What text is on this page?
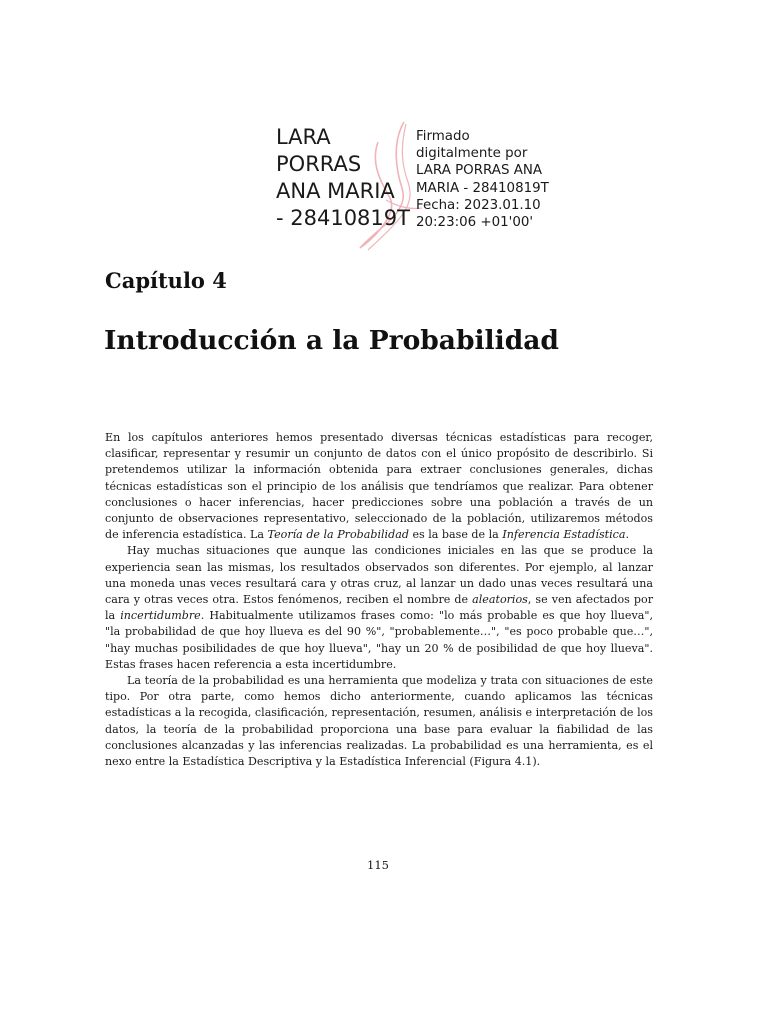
LARA
PORRAS
ANA MARIA
- 28410819T
Firmado
digitalmente por
LARA PORRAS ANA
MARIA - 28410819T
Fecha: 2023.01.10
20:23:06 +01'00'
Capítulo 4
Introducción a la Probabilidad

En los capítulos anteriores hemos presentado diversas técnicas estadísticas para recoger, clasificar, representar y resumir un conjunto de datos con el único propósito de describirlo. Si pretendemos utilizar la información obtenida para extraer conclusiones generales, dichas técnicas estadísticas son el principio de los análisis que tendríamos que realizar. Para obtener conclusiones o hacer inferencias, hacer predicciones sobre una población a través de un conjunto de observaciones representativo, seleccionado de la población, utilizaremos métodos de inferencia estadística. La Teoría de la Probabilidad es la base de la Inferencia Estadística.

Hay muchas situaciones que aunque las condiciones iniciales en las que se produce la experiencia sean las mismas, los resultados observados son diferentes. Por ejemplo, al lanzar una moneda unas veces resultará cara y otras cruz, al lanzar un dado unas veces resultará una cara y otras veces otra. Estos fenómenos, reciben el nombre de aleatorios, se ven afectados por la incertidumbre. Habitualmente utilizamos frases como: "lo más probable es que hoy llueva", "la probabilidad de que hoy llueva es del 90 %", "probablemente…", "es poco probable que…", "hay muchas posibilidades de que hoy llueva", "hay un 20 % de posibilidad de que hoy llueva". Estas frases hacen referencia a esta incertidumbre.

La teoría de la probabilidad es una herramienta que modeliza y trata con situaciones de este tipo. Por otra parte, como hemos dicho anteriormente, cuando aplicamos las técnicas estadísticas a la recogida, clasificación, representación, resumen, análisis e interpretación de los datos, la teoría de la probabilidad proporciona una base para evaluar la fiabilidad de las conclusiones alcanzadas y las inferencias realizadas. La probabilidad es una herramienta, es el nexo entre la Estadística Descriptiva y la Estadística Inferencial (Figura 4.1).

115
